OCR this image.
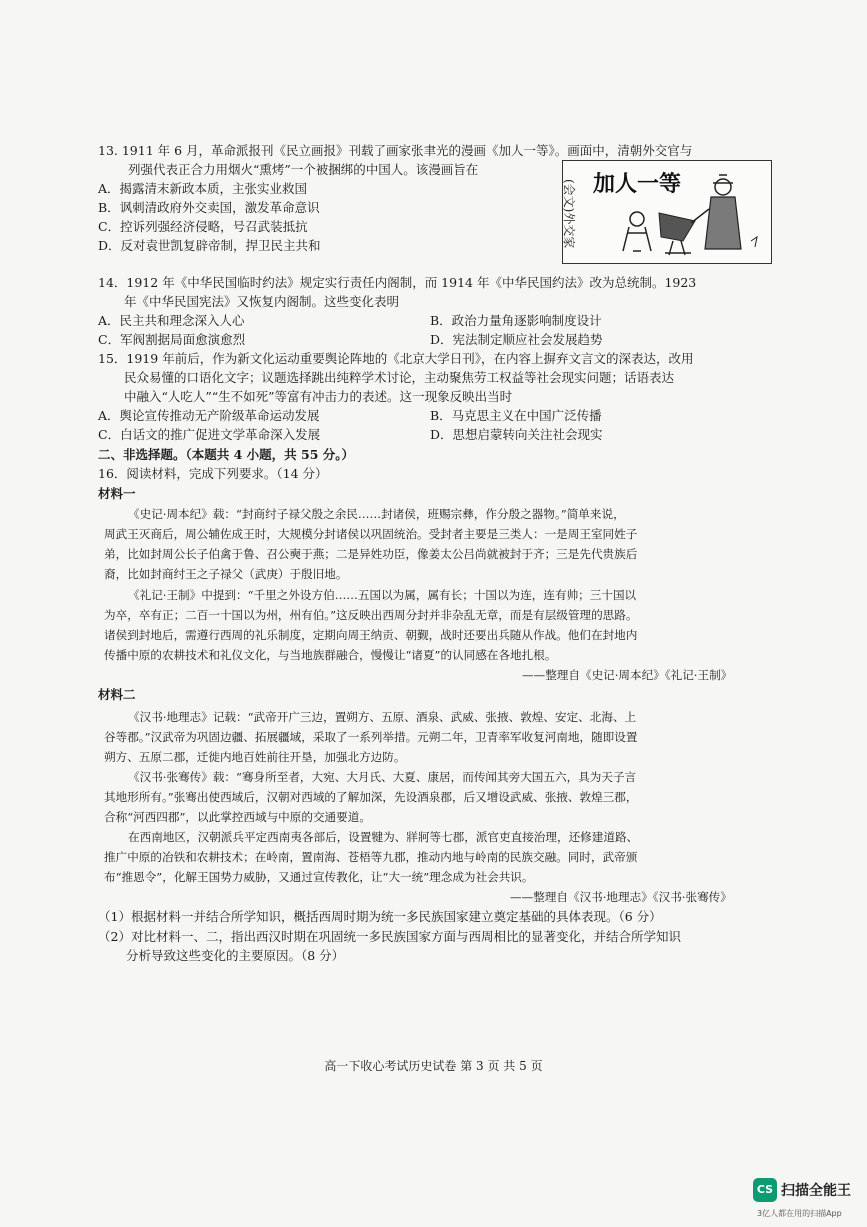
13. 1911 年 6 月，革命派报刊《民立画报》刊载了画家张聿光的漫画《加人一等》。画面中，清朝外交官与
列强代表正合力用烟火“熏烤”一个被捆绑的中国人。该漫画旨在
A．揭露清末新政本质，主张实业救国
B．讽刺清政府外交卖国，激发革命意识
C．控诉列强经济侵略，号召武装抵抗
D．反对袁世凯复辟帝制，捍卫民主共和	(会文)外交家 加人一等
14．1912 年《中华民国临时约法》规定实行责任内阁制，而 1914 年《中华民国约法》改为总统制。1923
年《中华民国宪法》又恢复内阁制。这些变化表明
A．民主共和理念深入人心	B．政治力量角逐影响制度设计
C．军阀割据局面愈演愈烈	D．宪法制定顺应社会发展趋势
15．1919 年前后，作为新文化运动重要舆论阵地的《北京大学日刊》，在内容上摒弃文言文的深表达，改用
民众易懂的口语化文字；议题选择跳出纯粹学术讨论，主动聚焦劳工权益等社会现实问题；话语表达
中融入“人吃人”“生不如死”等富有冲击力的表述。这一现象反映出当时
A．舆论宣传推动无产阶级革命运动发展	B．马克思主义在中国广泛传播
C．白话文的推广促进文学革命深入发展	D．思想启蒙转向关注社会现实
二、非选择题。（本题共 4 小题，共 55 分。）
16．阅读材料，完成下列要求。（14 分）
材料一
《史记·周本纪》载：“封商纣子禄父殷之余民……封诸侯，班赐宗彝，作分殷之器物。”简单来说，
周武王灭商后，周公辅佐成王时，大规模分封诸侯以巩固统治。受封者主要是三类人：一是周王室同姓子
弟，比如封周公长子伯禽于鲁、召公奭于燕；二是异姓功臣，像姜太公吕尚就被封于齐；三是先代贵族后
裔，比如封商纣王之子禄父（武庚）于殷旧地。
《礼记·王制》中提到：“千里之外设方伯……五国以为属，属有长；十国以为连，连有帅；三十国以
为卒，卒有正；二百一十国以为州，州有伯。”这反映出西周分封并非杂乱无章，而是有层级管理的思路。
诸侯到封地后，需遵行西周的礼乐制度，定期向周王纳贡、朝觐，战时还要出兵随从作战。他们在封地内
传播中原的农耕技术和礼仪文化，与当地族群融合，慢慢让“诸夏”的认同感在各地扎根。
——整理自《史记·周本纪》《礼记·王制》
材料二
《汉书·地理志》记载：“武帝开广三边，置朔方、五原、酒泉、武威、张掖、敦煌、安定、北海、上
谷等郡。”汉武帝为巩固边疆、拓展疆域，采取了一系列举措。元朔二年，卫青率军收复河南地，随即设置
朔方、五原二郡，迁徙内地百姓前往开垦，加强北方边防。
《汉书·张骞传》载：“骞身所至者，大宛、大月氏、大夏、康居，而传闻其旁大国五六，具为天子言
其地形所有。”张骞出使西域后，汉朝对西域的了解加深，先设酒泉郡，后又增设武威、张掖、敦煌三郡，
合称“河西四郡”，以此掌控西域与中原的交通要道。
在西南地区，汉朝派兵平定西南夷各部后，设置犍为、牂牁等七郡，派官吏直接治理，还修建道路、
推广中原的冶铁和农耕技术；在岭南，置南海、苍梧等九郡，推动内地与岭南的民族交融。同时，武帝颁
布“推恩令”，化解王国势力威胁，又通过宣传教化，让“大一统”理念成为社会共识。
——整理自《汉书·地理志》《汉书·张骞传》
（1）根据材料一并结合所学知识，概括西周时期为统一多民族国家建立奠定基础的具体表现。（6 分）
（2）对比材料一、二，指出西汉时期在巩固统一多民族国家方面与西周相比的显著变化，并结合所学知识
分析导致这些变化的主要原因。（8 分）
高一下收心考试历史试卷 第 3 页 共 5 页
CS 扫描全能王
3亿人都在用的扫描App
